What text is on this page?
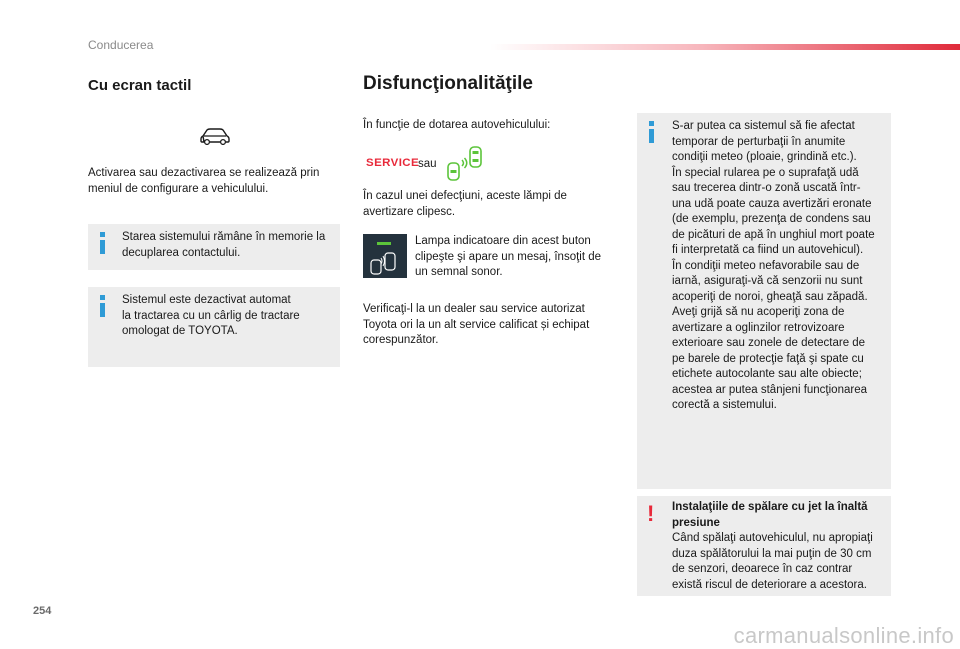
Conducerea
Cu ecran tactil
Activarea sau dezactivarea se realizează prin
meniul de configurare a vehiculului.
Starea sistemului rămâne în memorie la
decuplarea contactului.
Sistemul este dezactivat automat
la tractarea cu un cârlig de tractare
omologat de TOYOTA.
Disfuncţionalităţile
În funcţie de dotarea autovehiculului:
SERVICE
sau
În cazul unei defecţiuni, aceste lămpi de
avertizare clipesc.
Lampa indicatoare din acest buton
clipeşte şi apare un mesaj, însoţit de
un semnal sonor.
Verificaţi-l la un dealer sau service autorizat
Toyota ori la un alt service calificat și echipat
corespunzător.
S-ar putea ca sistemul să fie afectat
temporar de perturbaţii în anumite
condiţii meteo (ploaie, grindină etc.).
În special rularea pe o suprafaţă udă
sau trecerea dintr-o zonă uscată într-
una udă poate cauza avertizări eronate
(de exemplu, prezenţa de condens sau
de picături de apă în unghiul mort poate
fi interpretată ca fiind un autovehicul).
În condiţii meteo nefavorabile sau de
iarnă, asiguraţi-vă că senzorii nu sunt
acoperiţi de noroi, gheaţă sau zăpadă.
Aveţi grijă să nu acoperiţi zona de
avertizare a oglinzilor retrovizoare
exterioare sau zonele de detectare de
pe barele de protecţie faţă şi spate cu
etichete autocolante sau alte obiecte;
acestea ar putea stânjeni funcţionarea
corectă a sistemului.
! Instalaţiile de spălare cu jet la înaltă
presiune
Când spălaţi autovehiculul, nu apropiaţi
duza spălătorului la mai puţin de 30 cm
de senzori, deoarece în caz contrar
există riscul de deteriorare a acestora.
254
carmanualsonline.info
